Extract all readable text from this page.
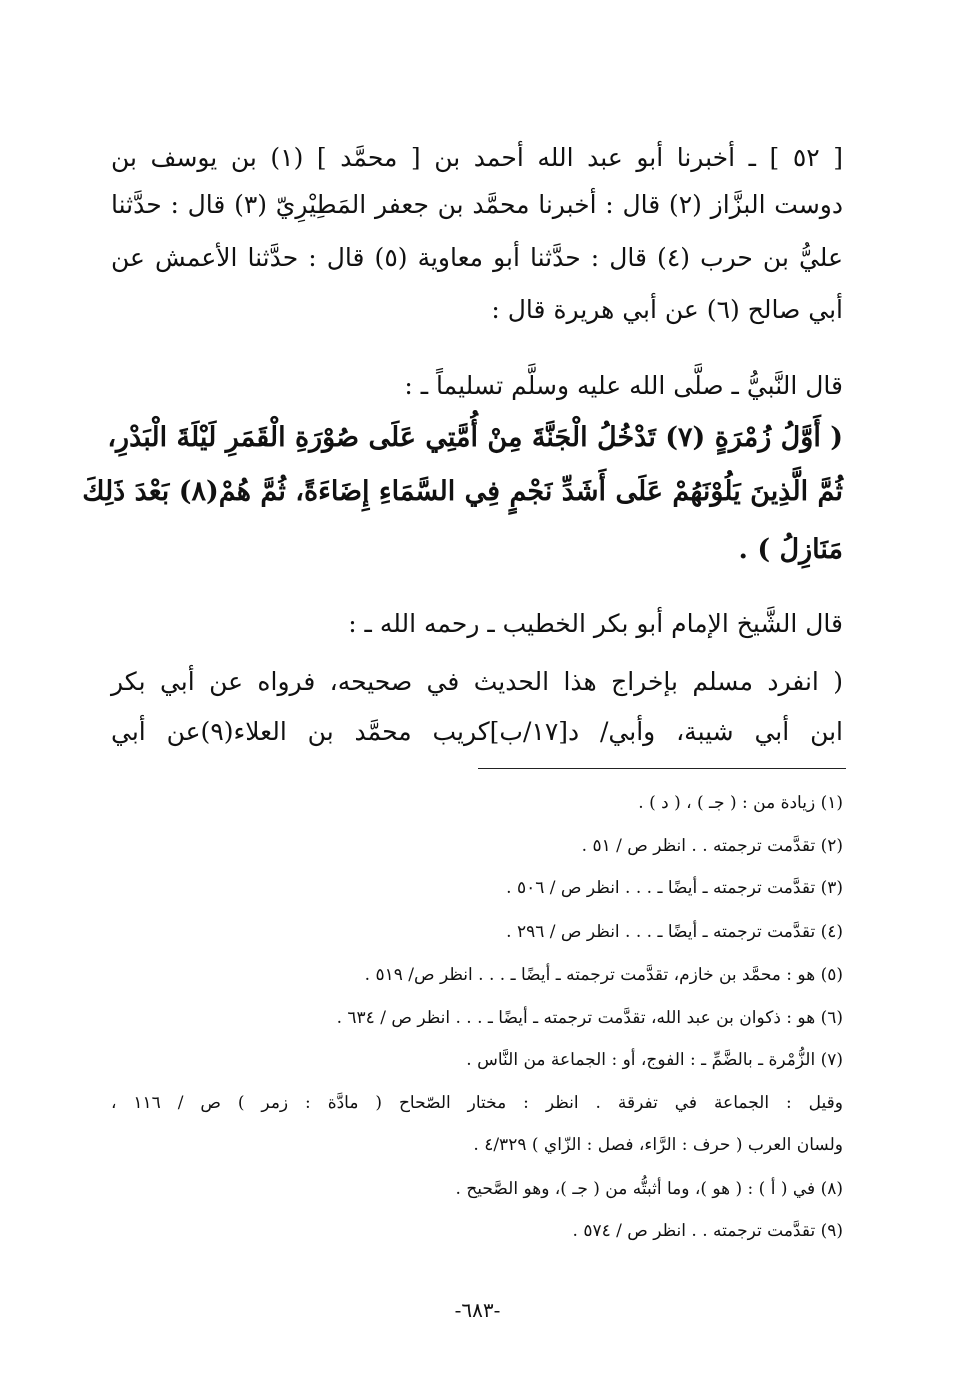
[ ٥٢ ] ـ أخبرنا أبو عبد الله أحمد بن [ محمَّد ] (١) بن يوسف بن
دوست البزَّاز (٢) قال : أخبرنا محمَّد بن جعفر المَطِيْرِيّ (٣) قال : حدَّثنا
عليُّ بن حرب (٤) قال : حدَّثنا أبو معاوية (٥) قال : حدَّثنا الأعمش عن
أبي صالح (٦) عن أبي هريرة قال :
قال النَّبيُّ ـ صلَّى الله عليه وسلَّم تسليماً ـ :
( أَوَّلُ زُمْرَةٍ (٧) تَدْخُلُ الْجَنَّةَ مِنْ أُمَّتِي عَلَى صُوْرَةِ الْقَمَرِ لَيْلَةَ الْبَدْرِ،
ثُمَّ الَّذِينَ يَلُوْنَهُمْ عَلَى أَشَدِّ نَجْمٍ فِي السَّمَاءِ إِضَاءَةً، ثُمَّ هُمْ(٨) بَعْدَ ذَلِكَ
مَنَازِلُ ) .
قال الشَّيخ الإمام أبو بكر الخطيب ـ رحمه الله ـ :
( انفرد مسلم بإخراج هذا الحديث في صحيحه، فرواه عن أبي بكر
ابن أبي شيبة، وأبي/ د[١٧/ب]كريب محمَّد بن العلاء(٩)عن أبي
(١) زيادة من : ( جـ ) ، ( د ) .
(٢) تقدَّمت ترجمته . . انظر ص / ٥١ .
(٣) تقدَّمت ترجمته ـ أيضًا ـ . . . انظر ص / ٥٠٦ .
(٤) تقدَّمت ترجمته ـ أيضًا ـ . . . انظر ص / ٢٩٦ .
(٥) هو : محمَّد بن خازم، تقدَّمت ترجمته ـ أيضًا ـ . . . انظر ص/ ٥١٩ .
(٦) هو : ذكوان بن عبد الله، تقدَّمت ترجمته ـ أيضًا ـ . . . انظر ص / ٦٣٤ .
(٧) الزُّمْرة ـ بالضَّمِّ ـ : الفوج، أو : الجماعة من النَّاس .
وقيل : الجماعة في تفرقة . انظر : مختار الصّحاح ( مادَّة : زمر ) ص / ١١٦ ،
ولسان العرب ( حرف : الرَّاء، فصل : الزّاي ) ٤/٣٢٩ .
(٨) في ( أ ) : ( هو )، وما أثبتُّه من ( جـ )، وهو الصَّحيح .
(٩) تقدَّمت ترجمته . . انظر ص / ٥٧٤ .
-٦٨٣-
